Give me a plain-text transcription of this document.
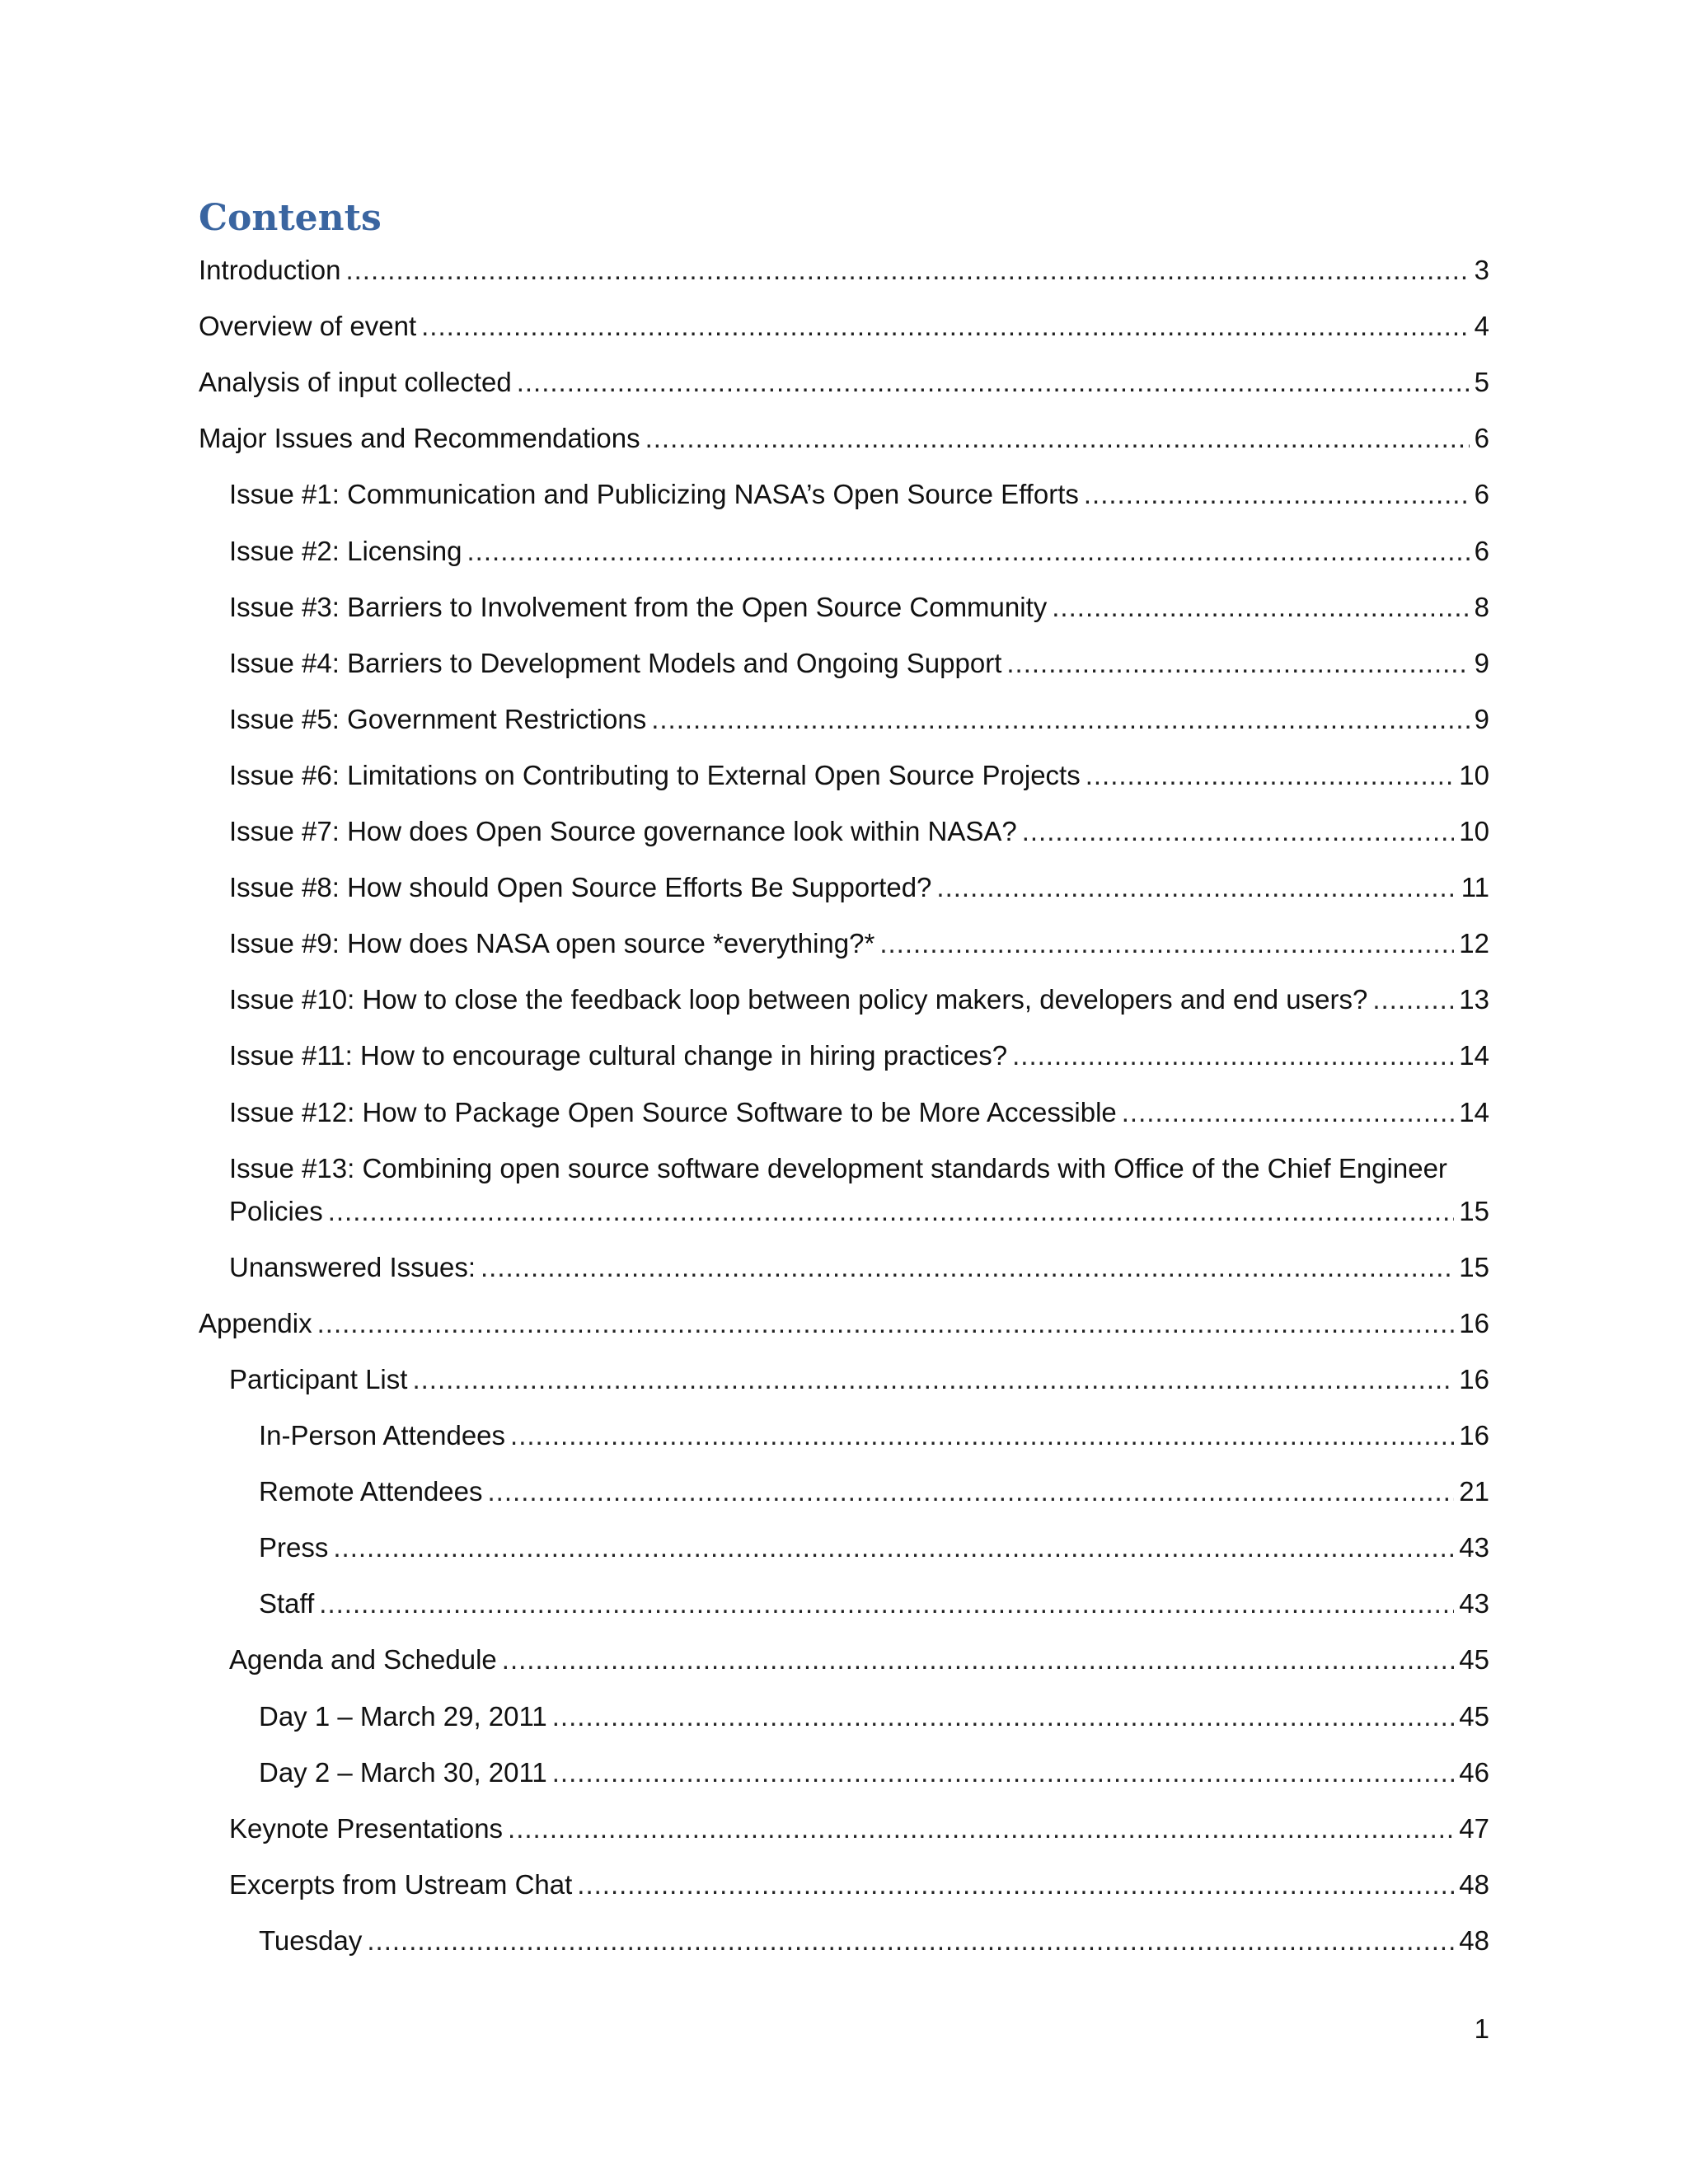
Contents
Introduction .....	3
Overview of event .....	4
Analysis of input collected .....	5
Major Issues and Recommendations .....	6
Issue #1: Communication and Publicizing NASA’s Open Source Efforts .....	6
Issue #2: Licensing .....	6
Issue #3: Barriers to Involvement from the Open Source Community .....	8
Issue #4: Barriers to Development Models and Ongoing Support .....	9
Issue #5: Government Restrictions .....	9
Issue #6: Limitations on Contributing to External Open Source Projects .....	10
Issue #7: How does Open Source governance look within NASA? .....	10
Issue #8: How should Open Source Efforts Be Supported? .....	11
Issue #9: How does NASA open source *everything?* .....	12
Issue #10: How to close the feedback loop between policy makers, developers and end users? .....	13
Issue #11: How to encourage cultural change in hiring practices? .....	14
Issue #12: How to Package Open Source Software to be More Accessible .....	14
Issue #13: Combining open source software development standards with Office of the Chief Engineer
Policies .....	15
Unanswered Issues: .....	15
Appendix .....	16
Participant List .....	16
In-Person Attendees .....	16
Remote Attendees .....	21
Press .....	43
Staff .....	43
Agenda and Schedule .....	45
Day 1 – March 29, 2011 .....	45
Day 2 – March 30, 2011 .....	46
Keynote Presentations .....	47
Excerpts from Ustream Chat .....	48
Tuesday .....	48
1
